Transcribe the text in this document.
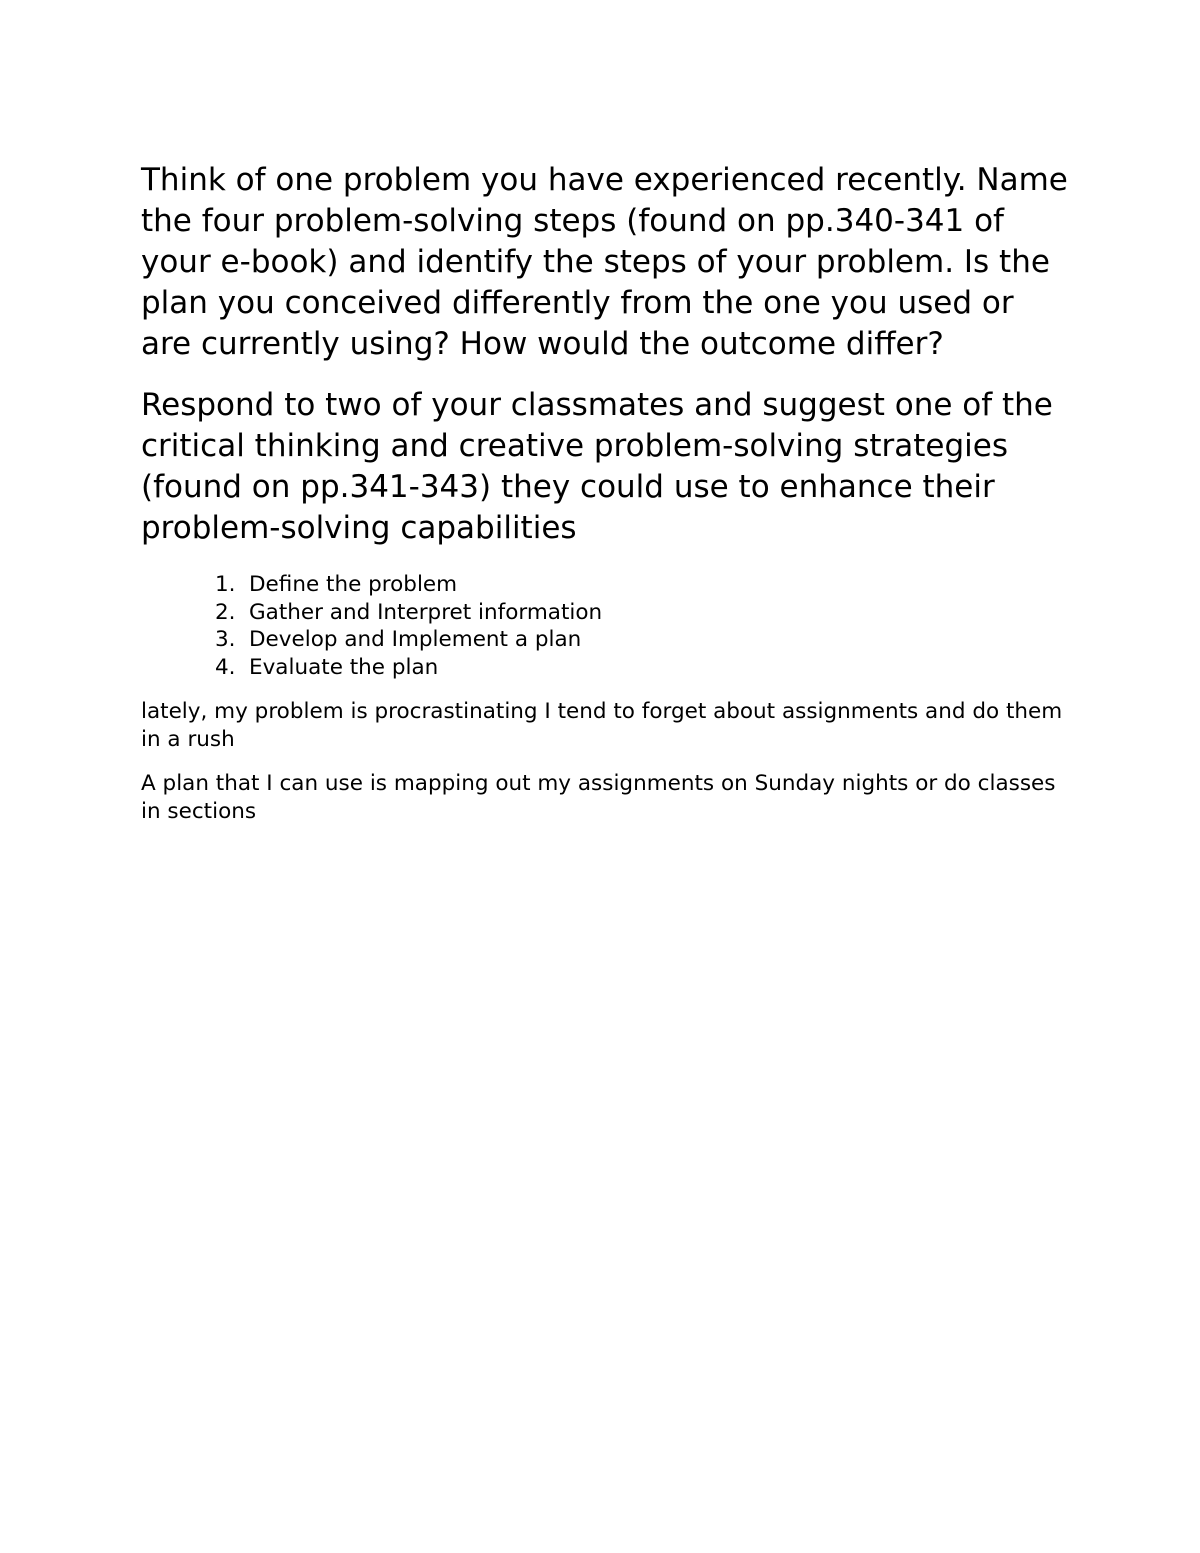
Think of one problem you have experienced recently. Name the four problem-solving steps (found on pp.340-341 of your e-book) and identify the steps of your problem. Is the plan you conceived differently from the one you used or are currently using? How would the outcome differ?

Respond to two of your classmates and suggest one of the critical thinking and creative problem-solving strategies (found on pp.341-343) they could use to enhance their problem-solving capabilities

1. Define the problem
2. Gather and Interpret information
3. Develop and Implement a plan
4. Evaluate the plan

lately, my problem is procrastinating I tend to forget about assignments and do them in a rush

A plan that I can use is mapping out my assignments on Sunday nights or do classes in sections
